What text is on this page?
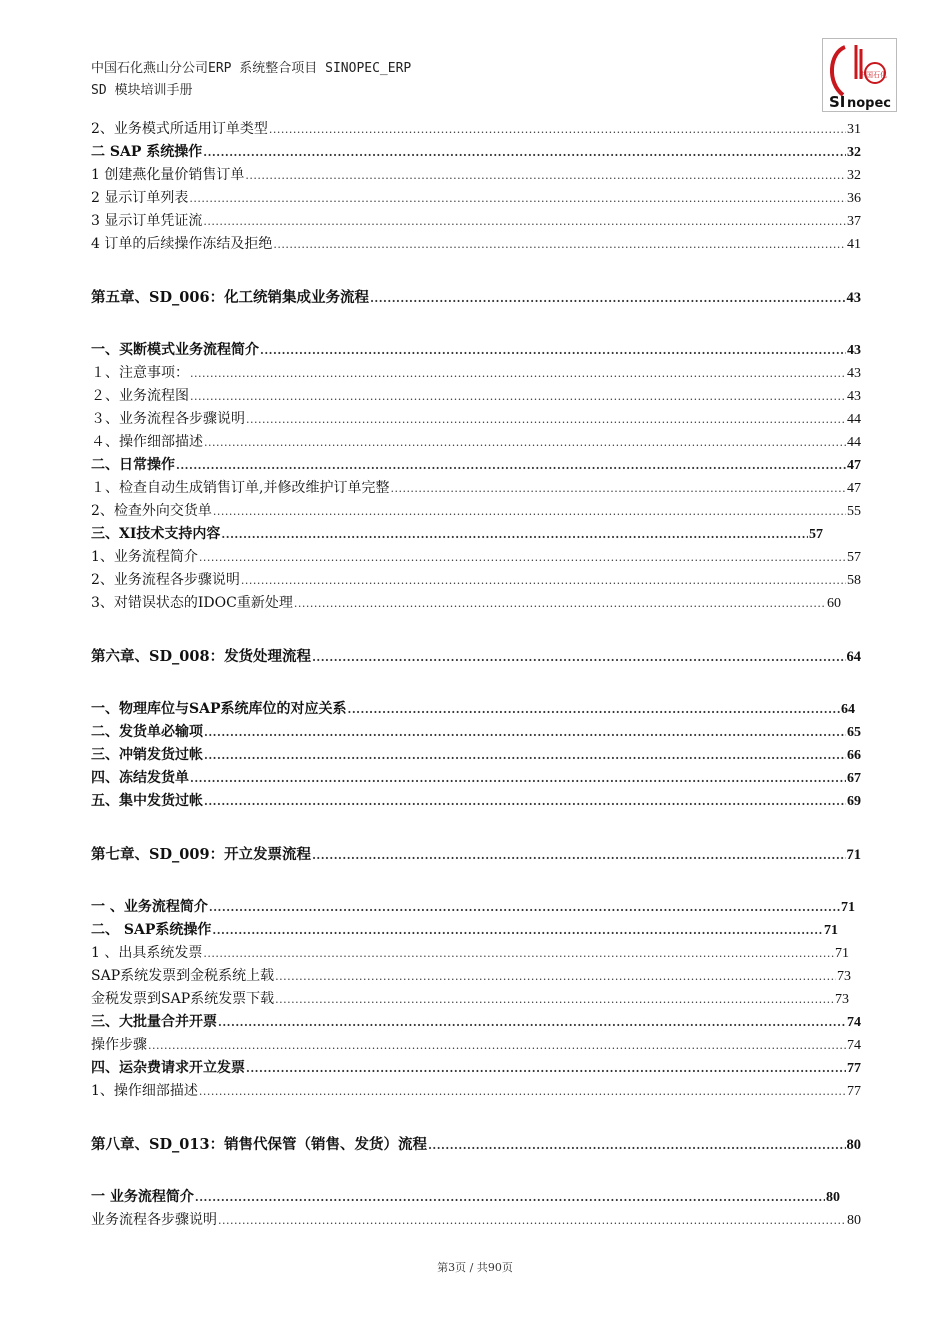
中国石化燕山分公司ERP 系统整合项目 SINOPEC_ERP
SD 模块培训手册
中国石化
SI nopec
2、业务模式所适用订单类型 .....	31
二 SAP 系统操作 .....	32
1 创建燕化量价销售订单 .....	32
2 显示订单列表 .....	36
3 显示订单凭证流 .....	37
4 订单的后续操作冻结及拒绝 .....	41
第五章、SD_006：化工统销集成业务流程 .....	43
一、买断模式业务流程简介 .....	43
１、注意事项： .....	43
２、业务流程图 .....	43
３、业务流程各步骤说明 .....	44
４、操作细部描述 .....	44
二、日常操作 .....	47
１、检查自动生成销售订单,并修改维护订单完整 .....	47
2、检查外向交货单 .....	55
三、XI技术支持内容 .....	57
1、业务流程简介 .....	57
2、业务流程各步骤说明 .....	58
3、对错误状态的IDOC重新处理 .....	60
第六章、SD_008：发货处理流程 .....	64
一、物理库位与SAP系统库位的对应关系 .....	64
二、发货单必输项 .....	65
三、冲销发货过帐 .....	66
四、冻结发货单 .....	67
五、集中发货过帐 .....	69
第七章、SD_009：开立发票流程 .....	71
一 、业务流程简介 .....	71
二、 SAP系统操作 .....	71
1 、出具系统发票 .....	71
SAP系统发票到金税系统上载 .....	73
金税发票到SAP系统发票下载 .....	73
三、大批量合并开票 .....	74
操作步骤 .....	74
四、运杂费请求开立发票 .....	77
1、操作细部描述 .....	77
第八章、SD_013：销售代保管（销售、发货）流程 .....	80
一 业务流程简介 .....	80
业务流程各步骤说明 .....	80
第3页 / 共90页
